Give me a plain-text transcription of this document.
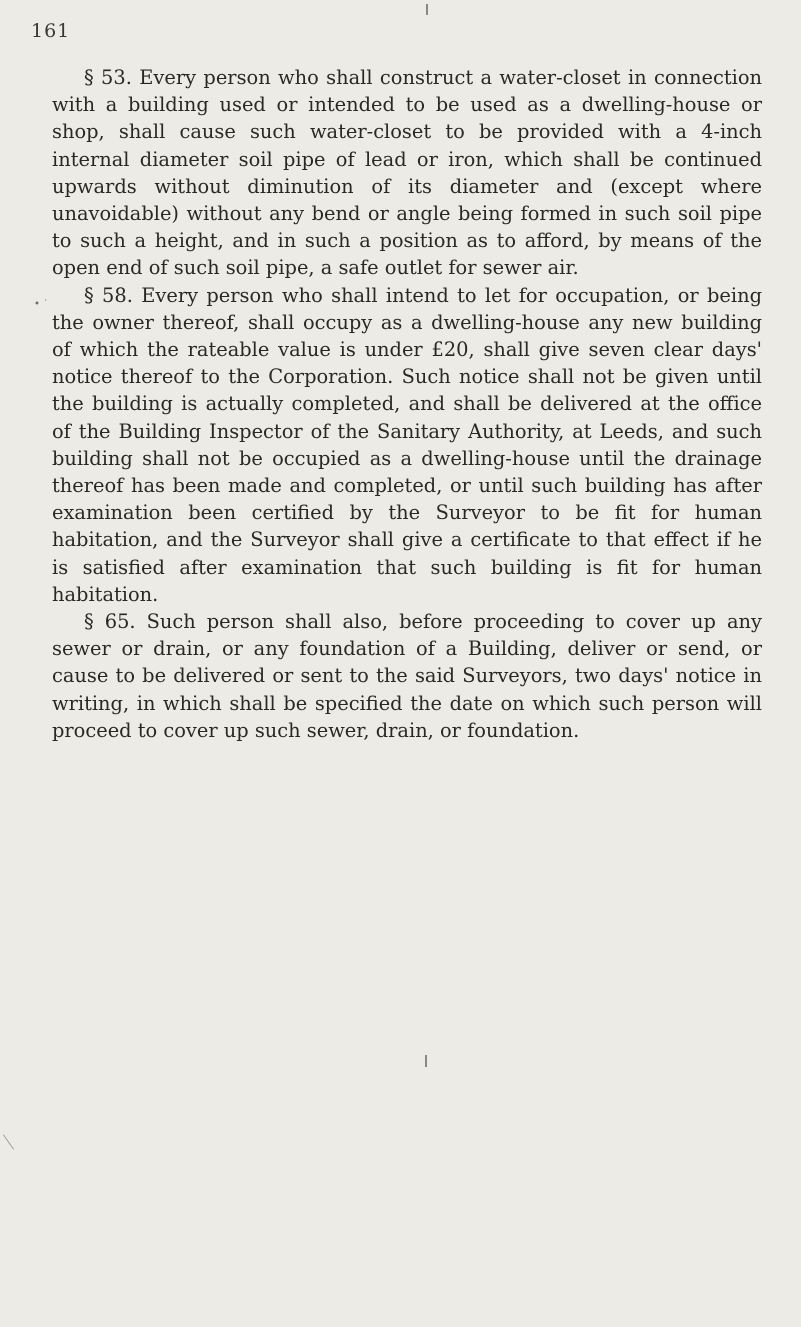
161
• ˙

§ 53. Every person who shall construct a water-closet in connection with a building used or intended to be used as a dwelling-house or shop, shall cause such water-closet to be provided with a 4-inch internal diameter soil pipe of lead or iron, which shall be continued upwards without diminution of its diameter and (except where unavoidable) without any bend or angle being formed in such soil pipe to such a height, and in such a position as to afford, by means of the open end of such soil pipe, a safe outlet for sewer air.

§ 58. Every person who shall intend to let for occupation, or being the owner thereof, shall occupy as a dwelling-house any new building of which the rateable value is under £20, shall give seven clear days' notice thereof to the Corporation. Such notice shall not be given until the building is actually completed, and shall be delivered at the office of the Building Inspector of the Sanitary Authority, at Leeds, and such building shall not be occupied as a dwelling-house until the drainage thereof has been made and completed, or until such building has after examination been certified by the Surveyor to be fit for human habitation, and the Surveyor shall give a certificate to that effect if he is satisfied after examination that such building is fit for human habitation.

§ 65. Such person shall also, before proceeding to cover up any sewer or drain, or any foundation of a Building, deliver or send, or cause to be delivered or sent to the said Surveyors, two days' notice in writing, in which shall be specified the date on which such person will proceed to cover up such sewer, drain, or foundation.
